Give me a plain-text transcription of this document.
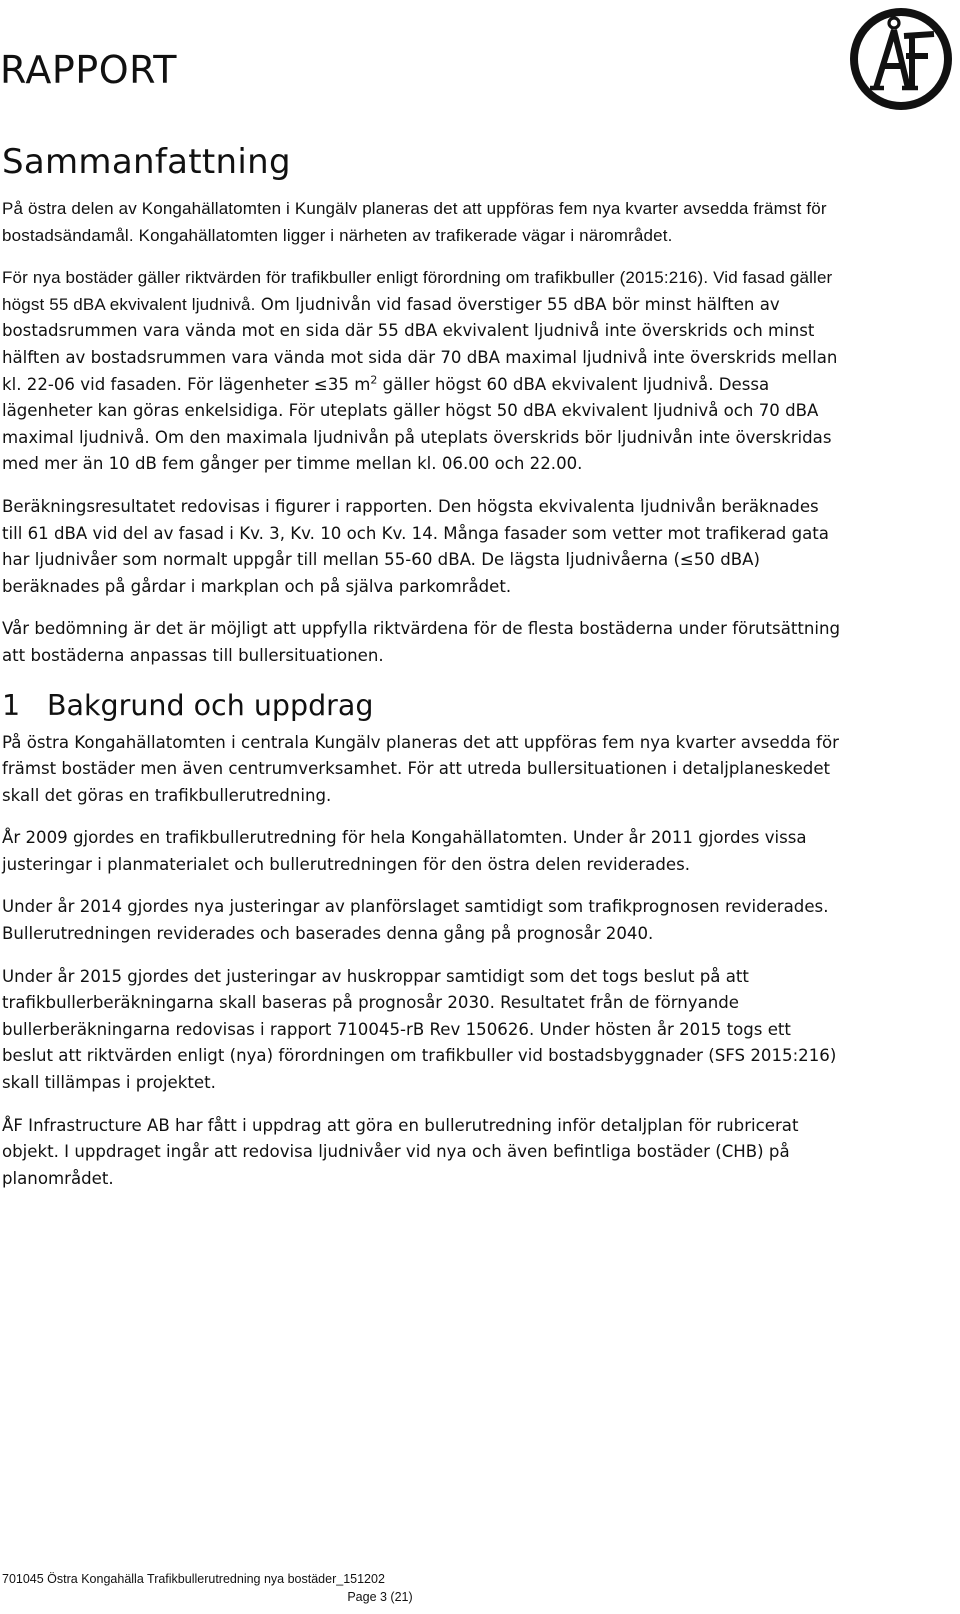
RAPPORT
Sammanfattning

På östra delen av Kongahällatomten i Kungälv planeras det att uppföras fem nya kvarter avsedda främst för bostadsändamål. Kongahällatomten ligger i närheten av trafikerade vägar i närområdet.

För nya bostäder gäller riktvärden för trafikbuller enligt förordning om trafikbuller (2015:216). Vid fasad gäller högst 55 dBA ekvivalent ljudnivå. Om ljudnivån vid fasad överstiger 55 dBA bör minst hälften av bostadsrummen vara vända mot en sida där 55 dBA ekvivalent ljudnivå inte överskrids och minst hälften av bostadsrummen vara vända mot sida där 70 dBA maximal ljudnivå inte överskrids mellan kl. 22-06 vid fasaden. För lägenheter ≤35 $m^2$ gäller högst 60 dBA ekvivalent ljudnivå. Dessa lägenheter kan göras enkelsidiga. För uteplats gäller högst 50 dBA ekvivalent ljudnivå och 70 dBA maximal ljudnivå. Om den maximala ljudnivån på uteplats överskrids bör ljudnivån inte överskridas med mer än 10 dB fem gånger per timme mellan kl. 06.00 och 22.00.

Beräkningsresultatet redovisas i figurer i rapporten. Den högsta ekvivalenta ljudnivån beräknades till 61 dBA vid del av fasad i Kv. 3, Kv. 10 och Kv. 14. Många fasader som vetter mot trafikerad gata har ljudnivåer som normalt uppgår till mellan 55-60 dBA. De lägsta ljudnivåerna (≤50 dBA) beräknades på gårdar i markplan och på själva parkområdet.

Vår bedömning är det är möjligt att uppfylla riktvärdena för de flesta bostäderna under förutsättning att bostäderna anpassas till bullersituationen.

1 Bakgrund och uppdrag

På östra Kongahällatomten i centrala Kungälv planeras det att uppföras fem nya kvarter avsedda för främst bostäder men även centrumverksamhet. För att utreda bullersituationen i detaljplaneskedet skall det göras en trafikbullerutredning.

År 2009 gjordes en trafikbullerutredning för hela Kongahällatomten. Under år 2011 gjordes vissa justeringar i planmaterialet och bullerutredningen för den östra delen reviderades.

Under år 2014 gjordes nya justeringar av planförslaget samtidigt som trafikprognosen reviderades. Bullerutredningen reviderades och baserades denna gång på prognosår 2040.

Under år 2015 gjordes det justeringar av huskroppar samtidigt som det togs beslut på att trafikbullerberäkningarna skall baseras på prognosår 2030. Resultatet från de förnyande bullerberäkningarna redovisas i rapport 710045-rB Rev 150626. Under hösten år 2015 togs ett beslut att riktvärden enligt (nya) förordningen om trafikbuller vid bostadsbyggnader (SFS 2015:216) skall tillämpas i projektet.

ÅF Infrastructure AB har fått i uppdrag att göra en bullerutredning inför detaljplan för rubricerat objekt. I uppdraget ingår att redovisa ljudnivåer vid nya och även befintliga bostäder (CHB) på planområdet.

701045 Östra Kongahälla Trafikbullerutredning nya bostäder_151202
Page 3 (21)
